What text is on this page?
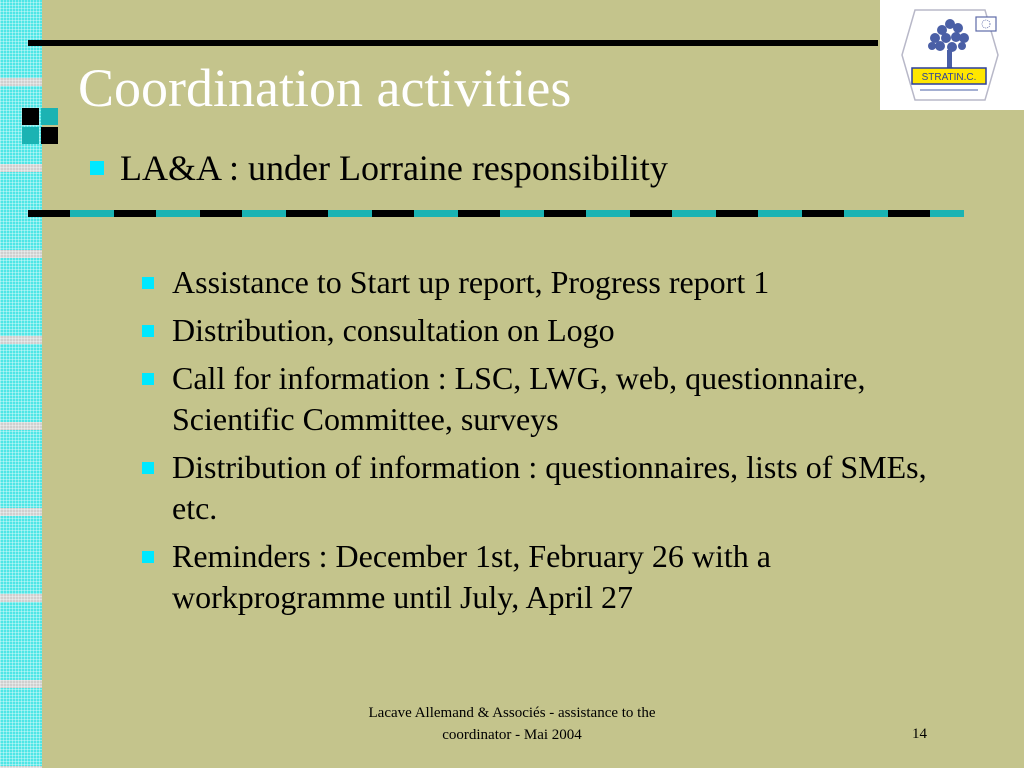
Coordination activities
LA&A : under Lorraine responsibility
STRATIN.C.
Assistance to Start up report, Progress report 1
Distribution, consultation on Logo
Call for information : LSC, LWG, web, questionnaire, Scientific Committee, surveys
Distribution of information : questionnaires, lists of SMEs, etc.
Reminders : December 1st, February 26 with a workprogramme until July, April 27
Lacave Allemand & Associés - assistance to the coordinator - Mai 2004	14
